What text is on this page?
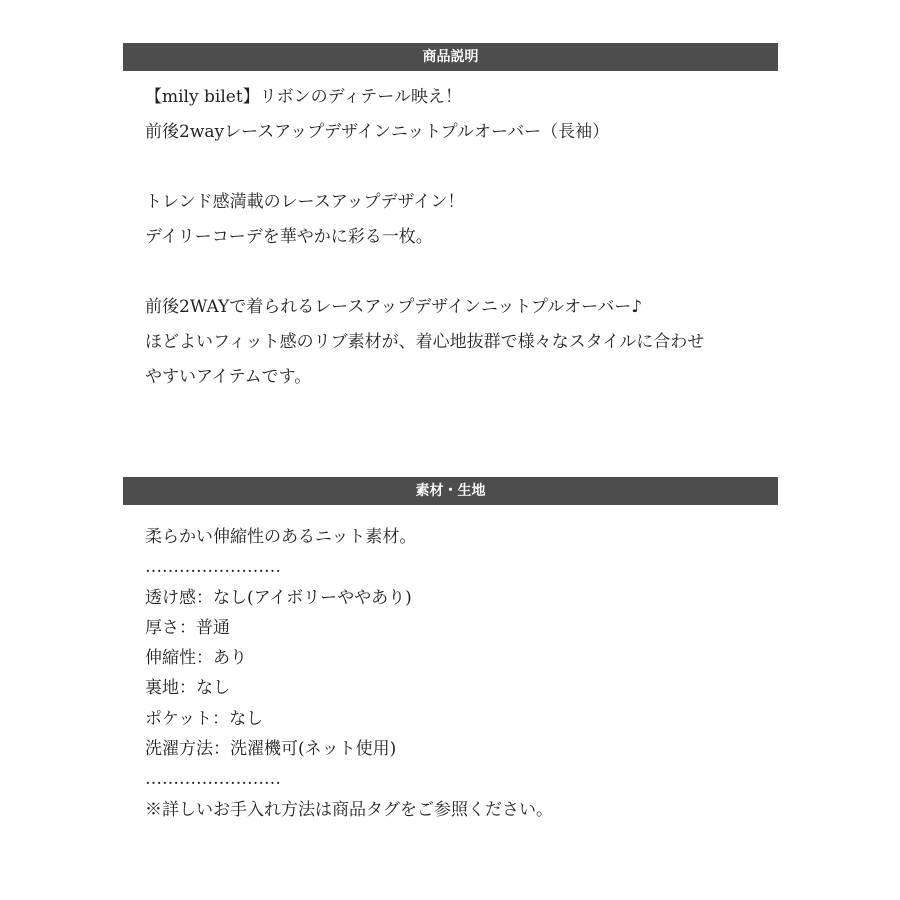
商品説明
【mily bilet】リボンのディテール映え！
前後2wayレースアップデザインニットプルオーバー（長袖）
トレンド感満載のレースアップデザイン！
デイリーコーデを華やかに彩る一枚。
前後2WAYで着られるレースアップデザインニットプルオーバー♪
ほどよいフィット感のリブ素材が、着心地抜群で様々なスタイルに合わせ
やすいアイテムです。
素材・生地
柔らかい伸縮性のあるニット素材。
……………………
透け感：なし(アイボリーややあり)
厚さ：普通
伸縮性：あり
裏地：なし
ポケット：なし
洗濯方法：洗濯機可(ネット使用)
……………………
※詳しいお手入れ方法は商品タグをご参照ください。
